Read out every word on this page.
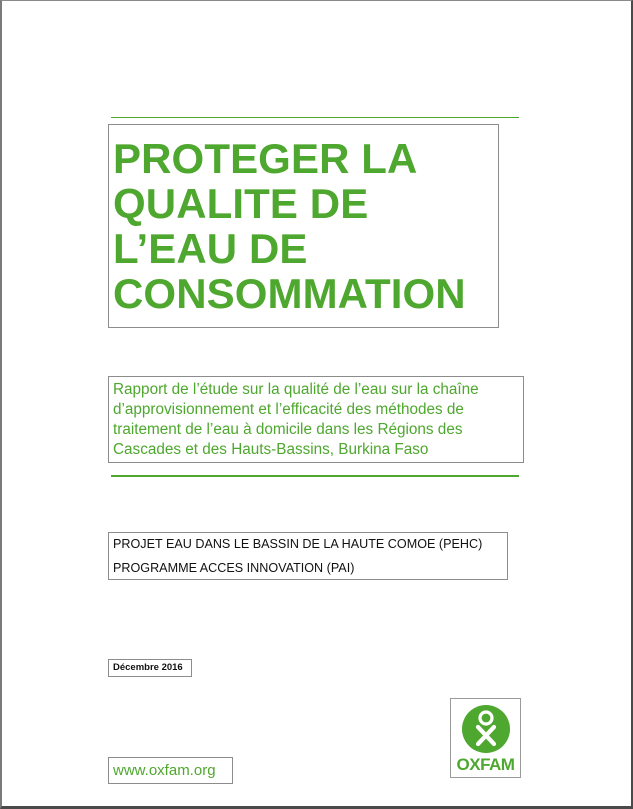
PROTEGER LA
QUALITE DE
L’EAU DE
CONSOMMATION

Rapport de l’étude sur la qualité de l’eau sur la chaîne d’approvisionnement et l’efficacité des méthodes de traitement de l’eau à domicile dans les Régions des Cascades et des Hauts-Bassins, Burkina Faso

PROJET EAU DANS LE BASSIN DE LA HAUTE COMOE (PEHC)

PROGRAMME ACCES INNOVATION (PAI)

Décembre 2016

OXFAM

www.oxfam.org
